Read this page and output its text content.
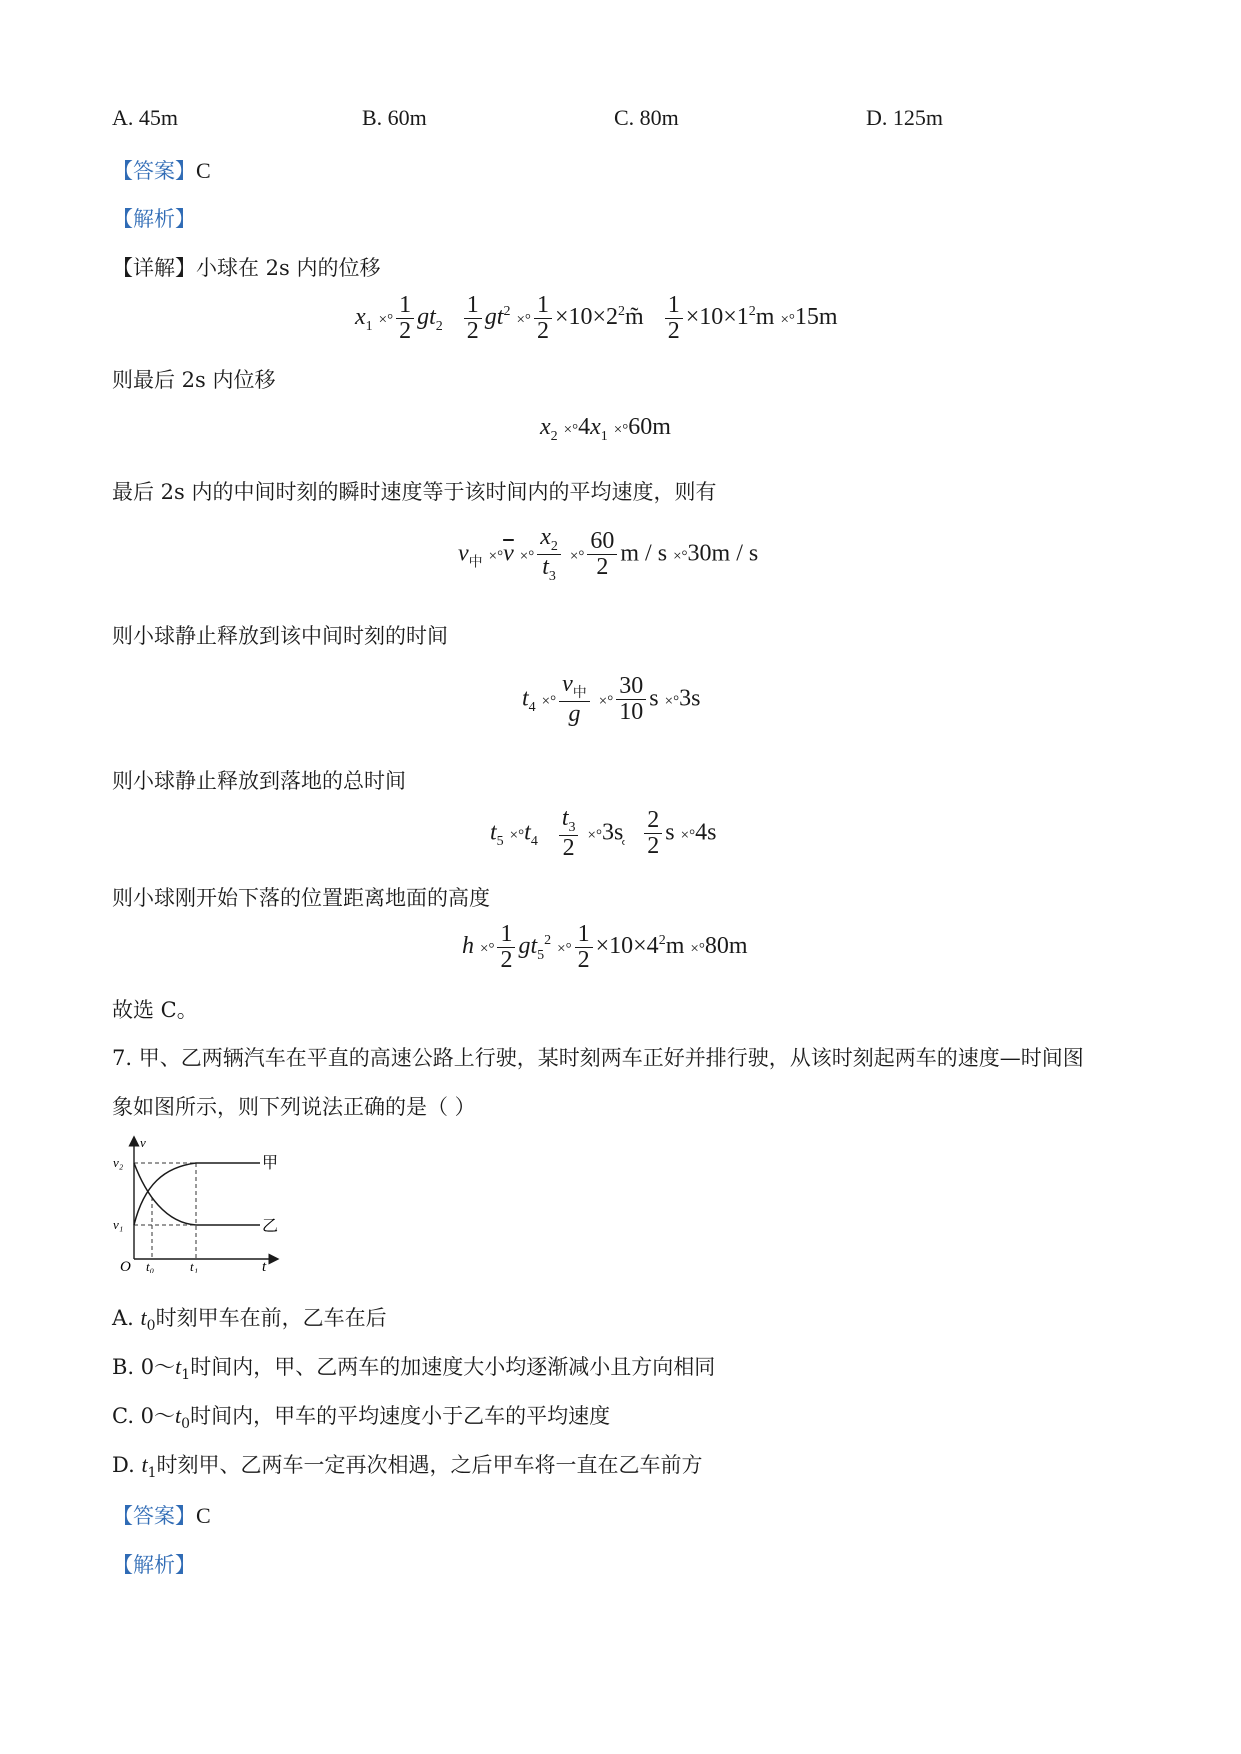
A. 45m	B. 60m	C. 80m	D. 125m
【答案】C
【解析】
【详解】小球在 2s 内的位移
$x_1$ ×° $\frac{1}{2} gt_2 \frac{1}{2} gt^2$ ×° $\frac{1}{2}$ $\times 10\times 2^2m̃ \frac{1}{2} \times 10\times 1^2m \times^\circ 15m$
则最后 2s 内位移
$x_2 \times^\circ 4x_1 \times^\circ 60m$
最后 2s 内的中间时刻的瞬时速度等于该时间内的平均速度，则有
$v_中 \times^\circ\overline{v}$ ×° $\frac{x_2}{t_3}$ ×° $\frac{60}{2}$ m / s ×°30m / s
则小球静止释放到该中间时刻的时间
$t_4$ ×° $\frac{v_中}{g}$ ×° $\frac{30}{10}$ s ×°3s
则小球静止释放到落地的总时间
$t_5 \times^\circ t_4 \frac{t_3}{2}$ ×°3s̜ $\frac{2}{2}$ s ×°4s
则小球刚开始下落的位置距离地面的高度
h ×° $\frac{1}{2} gt_5^2$ ×° $\frac{1}{2} \times 10\times 4^2m \times^\circ 80m$
故选 C。
7. 甲、乙两辆汽车在平直的高速公路上行驶，某时刻两车正好并排行驶，从该时刻起两车的速度—时间图
象如图所示，则下列说法正确的是（ ）
v
v₂
v₁
O t₀	t₁	t
甲
乙
A. $t_0$时刻甲车在前，乙车在后
B. $0\sim t_1$时间内，甲、乙两车的加速度大小均逐渐减小且方向相同
C. $0\sim t_0$时间内，甲车的平均速度小于乙车的平均速度
D. $t_1$时刻甲、乙两车一定再次相遇，之后甲车将一直在乙车前方
【答案】C
【解析】
